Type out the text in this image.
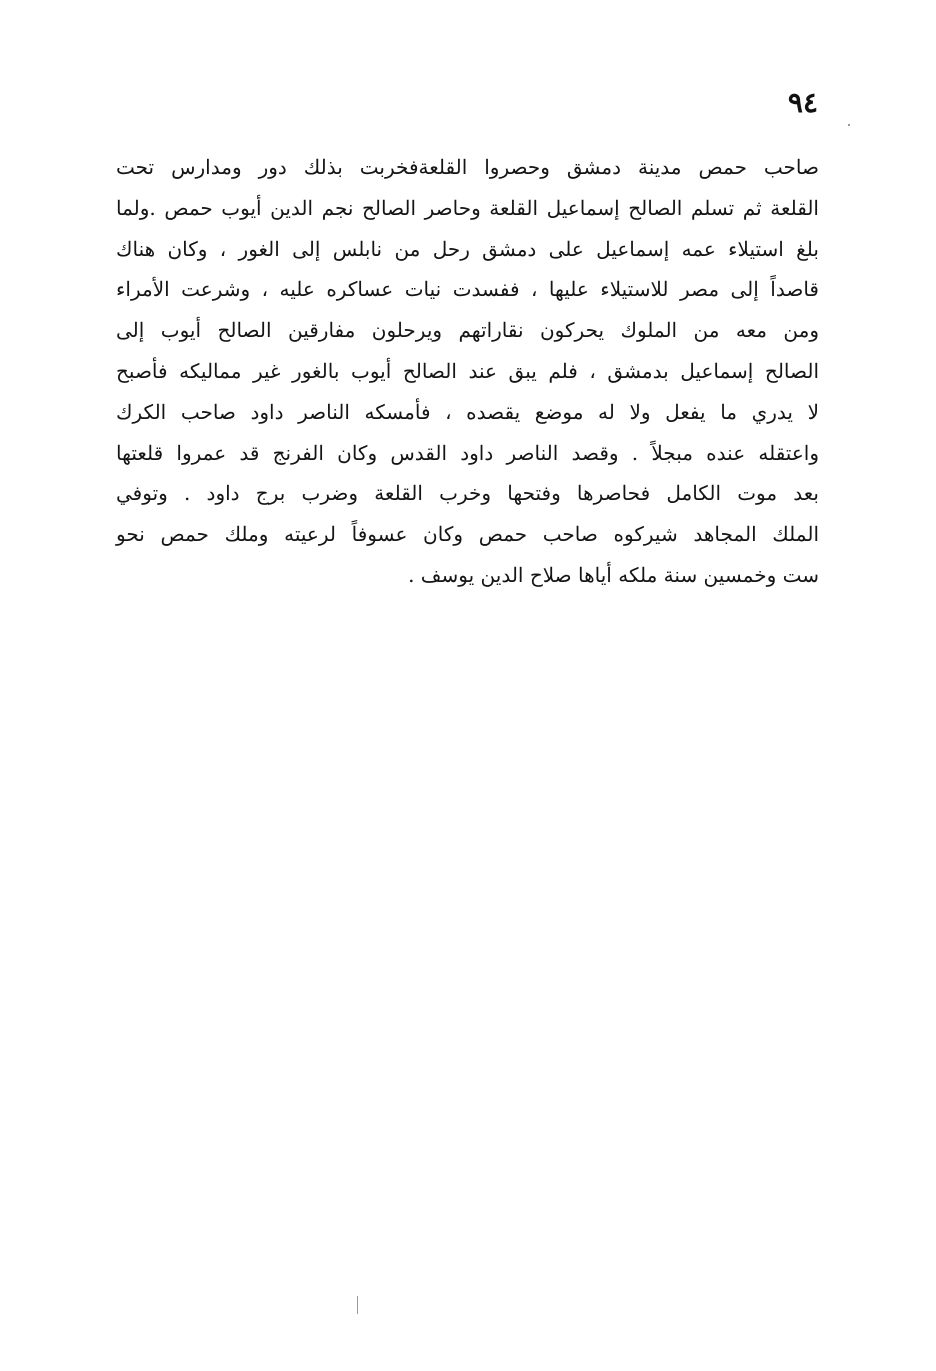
٩٤
صاحب حمص مدينة دمشق وحصروا القلعةفخربت بذلك دور ومدارس تحت
القلعة ثم تسلم الصالح إسماعيل القلعة وحاصر الصالح نجم الدين أيوب حمص .ولما
بلغ استيلاء عمه إسماعيل على دمشق رحل من نابلس إلى الغور ، وكان هناك
قاصداً إلى مصر للاستيلاء عليها ، ففسدت نيات عساكره عليه ، وشرعت الأمراء
ومن معه من الملوك يحركون نقاراتهم ويرحلون مفارقين الصالح أيوب إلى
الصالح إسماعيل بدمشق ، فلم يبق عند الصالح أيوب بالغور غير مماليكه فأصبح
لا يدري ما يفعل ولا له موضع يقصده ، فأمسكه الناصر داود صاحب الكرك
واعتقله عنده مبجلاً . وقصد الناصر داود القدس وكان الفرنج قد عمروا قلعتها
بعد موت الكامل فحاصرها وفتحها وخرب القلعة وضرب برج داود . وتوفي
الملك المجاهد شيركوه صاحب حمص وكان عسوفاً لرعيته وملك حمص نحو
ست وخمسين سنة ملكه أياها صلاح الدين يوسف .
